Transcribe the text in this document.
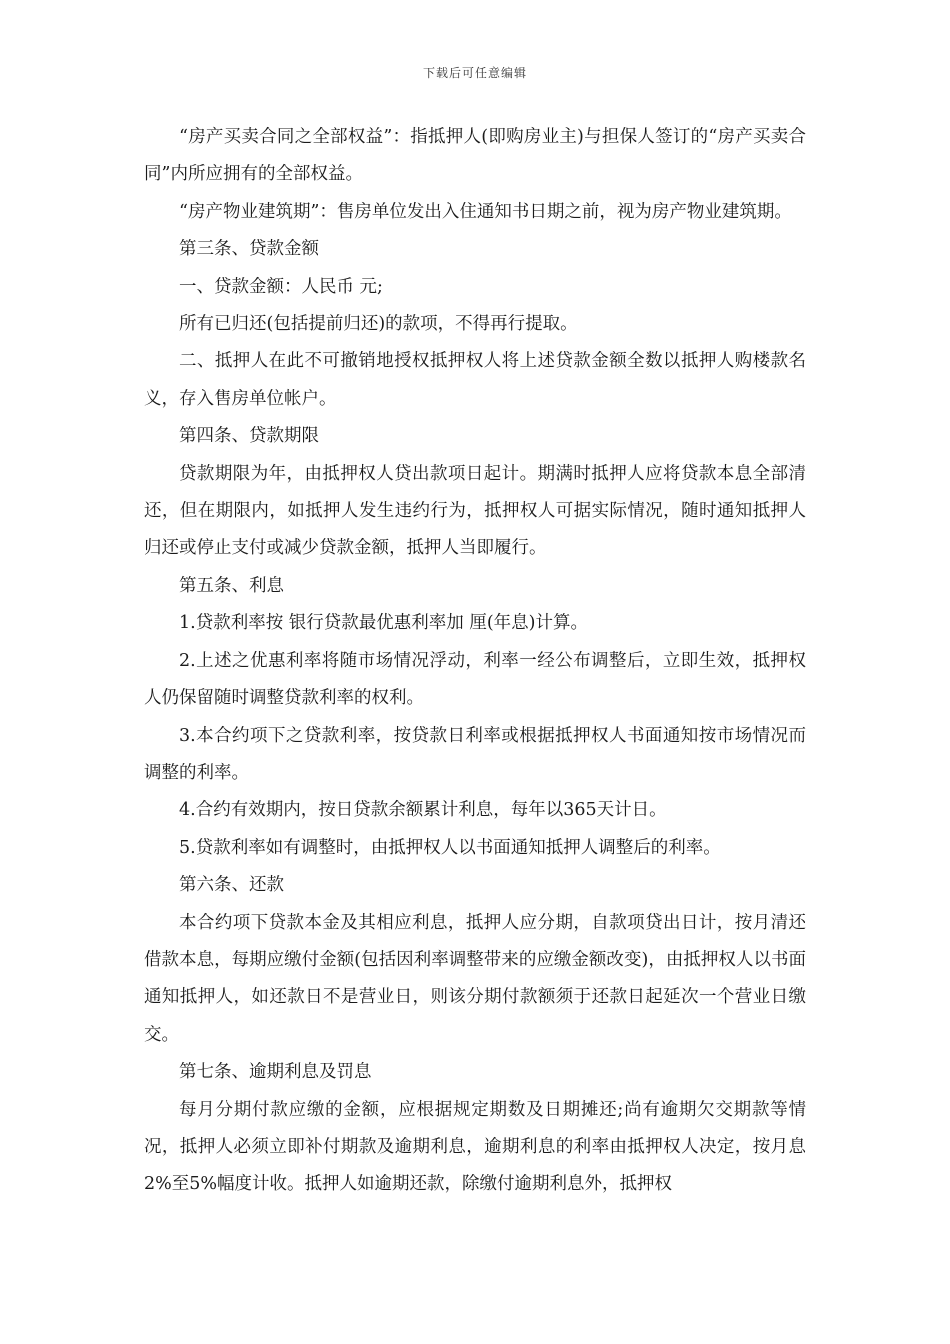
下载后可任意编辑

“房产买卖合同之全部权益”：指抵押人(即购房业主)与担保人签订的“房产买卖合同”内所应拥有的全部权益。

“房产物业建筑期”：售房单位发出入住通知书日期之前，视为房产物业建筑期。

第三条、贷款金额

一、贷款金额：人民币 元;

所有已归还(包括提前归还)的款项，不得再行提取。

二、抵押人在此不可撤销地授权抵押权人将上述贷款金额全数以抵押人购楼款名义，存入售房单位帐户。

第四条、贷款期限

贷款期限为年，由抵押权人贷出款项日起计。期满时抵押人应将贷款本息全部清还，但在期限内，如抵押人发生违约行为，抵押权人可据实际情况，随时通知抵押人归还或停止支付或减少贷款金额，抵押人当即履行。

第五条、利息

1.贷款利率按 银行贷款最优惠利率加 厘(年息)计算。

2.上述之优惠利率将随市场情况浮动，利率一经公布调整后，立即生效，抵押权人仍保留随时调整贷款利率的权利。

3.本合约项下之贷款利率，按贷款日利率或根据抵押权人书面通知按市场情况而调整的利率。

4.合约有效期内，按日贷款余额累计利息，每年以365天计日。

5.贷款利率如有调整时，由抵押权人以书面通知抵押人调整后的利率。

第六条、还款

本合约项下贷款本金及其相应利息，抵押人应分期，自款项贷出日计，按月清还借款本息，每期应缴付金额(包括因利率调整带来的应缴金额改变)，由抵押权人以书面通知抵押人，如还款日不是营业日，则该分期付款额须于还款日起延次一个营业日缴交。

第七条、逾期利息及罚息

每月分期付款应缴的金额，应根据规定期数及日期摊还;尚有逾期欠交期款等情况，抵押人必须立即补付期款及逾期利息，逾期利息的利率由抵押权人决定，按月息2%至5%幅度计收。抵押人如逾期还款，除缴付逾期利息外，抵押权
